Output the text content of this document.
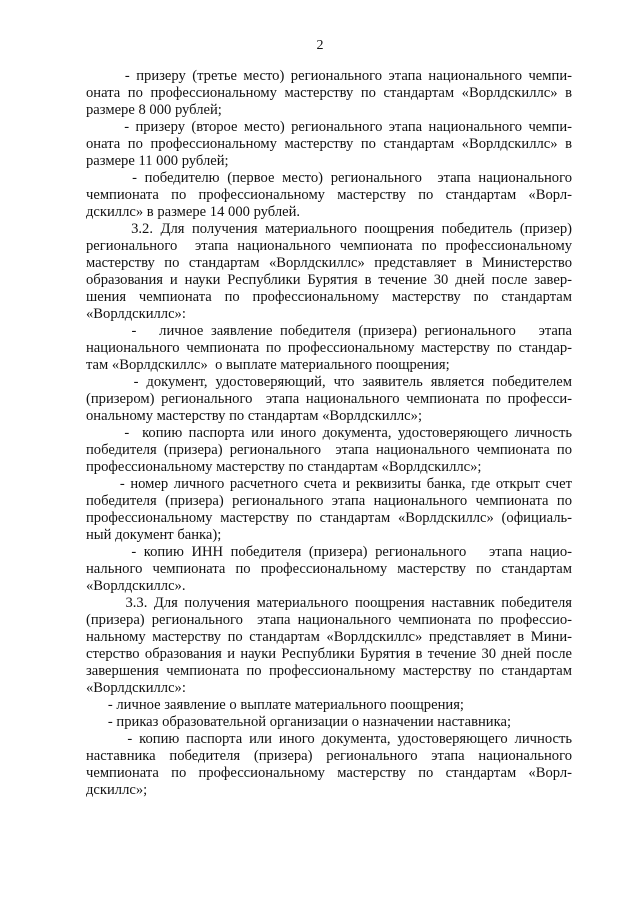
2
- призеру (третье место) регионального этапа национального чемпи-
оната по профессиональному мастерству по стандартам «Ворлдскиллс» в
размере 8 000 рублей;
- призеру (второе место) регионального этапа национального чемпи-
оната по профессиональному мастерству по стандартам «Ворлдскиллс» в
размере 11 000 рублей;
- победителю (первое место) регионального  этапа национального
чемпионата по профессиональному мастерству по стандартам «Ворл-
дскиллс» в размере 14 000 рублей.
3.2. Для получения материального поощрения победитель (призер)
регионального  этапа национального чемпионата по профессиональному
мастерству по стандартам «Ворлдскиллс» представляет в Министерство
образования и науки Республики Бурятия в течение 30 дней после завер-
шения чемпионата по профессиональному мастерству по стандартам
«Ворлдскиллс»:
-   личное заявление победителя (призера) регионального   этапа
национального чемпионата по профессиональному мастерству по стандар-
там «Ворлдскиллс»  о выплате материального поощрения;
- документ, удостоверяющий, что заявитель является победителем
(призером) регионального  этапа национального чемпионата по професси-
ональному мастерству по стандартам «Ворлдскиллс»;
-  копию паспорта или иного документа, удостоверяющего личность
победителя (призера) регионального  этапа национального чемпионата по
профессиональному мастерству по стандартам «Ворлдскиллс»;
- номер личного расчетного счета и реквизиты банка, где открыт счет
победителя (призера) регионального этапа национального чемпионата по
профессиональному мастерству по стандартам «Ворлдскиллс» (официаль-
ный документ банка);
- копию ИНН победителя (призера) регионального   этапа нацио-
нального чемпионата по профессиональному мастерству по стандартам
«Ворлдскиллс».
3.3. Для получения материального поощрения наставник победителя
(призера) регионального  этапа национального чемпионата по профессио-
нальному мастерству по стандартам «Ворлдскиллс» представляет в Мини-
стерство образования и науки Республики Бурятия в течение 30 дней после
завершения чемпионата по профессиональному мастерству по стандартам
«Ворлдскиллс»:
- личное заявление о выплате материального поощрения;
- приказ образовательной организации о назначении наставника;
- копию паспорта или иного документа, удостоверяющего личность
наставника победителя (призера) регионального этапа национального
чемпионата по профессиональному мастерству по стандартам «Ворл-
дскиллс»;
